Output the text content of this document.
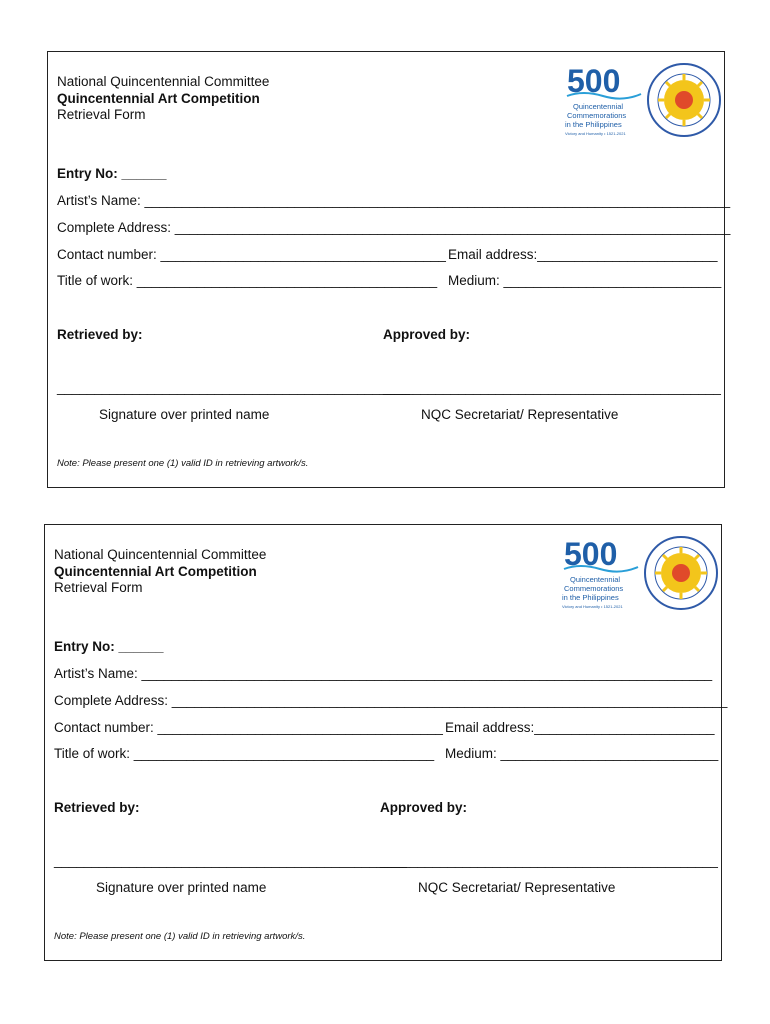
National Quincentennial Committee
Quincentennial Art Competition
Retrieval Form
500
Quincentennial
Commemorations
in the Philippines
Victory and Humanity • 1521-2021
Entry No: ______
Artist’s Name: ______________________________________________________________________________
Complete Address: __________________________________________________________________________
Contact number: ______________________________________ Email address:________________________
Title of work: ________________________________________ Medium: _____________________________
Retrieved by:	Approved by:
_______________________________________________
_____________________________________________
Signature over printed name	NQC Secretariat/ Representative
Note: Please present one (1) valid ID in retrieving artwork/s.
National Quincentennial Committee
Quincentennial Art Competition
Retrieval Form
500
Quincentennial
Commemorations
in the Philippines
Victory and Humanity • 1521-2021
Entry No: ______
Artist’s Name: ____________________________________________________________________________
Complete Address: __________________________________________________________________________
Contact number: ______________________________________ Email address:________________________
Title of work: ________________________________________ Medium: _____________________________
Retrieved by:	Approved by:
_______________________________________________
_____________________________________________
Signature over printed name	NQC Secretariat/ Representative
Note: Please present one (1) valid ID in retrieving artwork/s.
